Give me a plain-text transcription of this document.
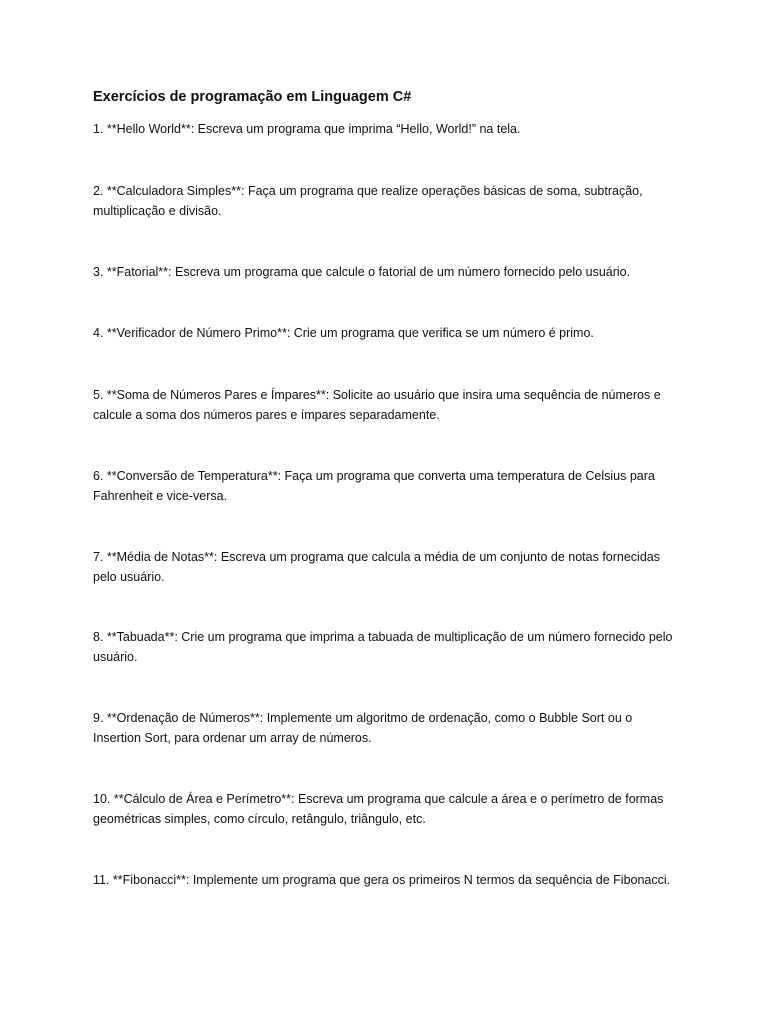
Exercícios de programação em Linguagem C#
1. **Hello World**: Escreva um programa que imprima “Hello, World!” na tela.
2. **Calculadora Simples**: Faça um programa que realize operações básicas de soma, subtração, multiplicação e divisão.
3. **Fatorial**: Escreva um programa que calcule o fatorial de um número fornecido pelo usuário.
4. **Verificador de Número Primo**: Crie um programa que verifica se um número é primo.
5. **Soma de Números Pares e Ímpares**: Solicite ao usuário que insira uma sequência de números e calcule a soma dos números pares e ímpares separadamente.
6. **Conversão de Temperatura**: Faça um programa que converta uma temperatura de Celsius para Fahrenheit e vice-versa.
7. **Média de Notas**: Escreva um programa que calcula a média de um conjunto de notas fornecidas pelo usuário.
8. **Tabuada**: Crie um programa que imprima a tabuada de multiplicação de um número fornecido pelo usuário.
9. **Ordenação de Números**: Implemente um algoritmo de ordenação, como o Bubble Sort ou o Insertion Sort, para ordenar um array de números.
10. **Cálculo de Área e Perímetro**: Escreva um programa que calcule a área e o perímetro de formas geométricas simples, como círculo, retângulo, triângulo, etc.
11. **Fibonacci**: Implemente um programa que gera os primeiros N termos da sequência de Fibonacci.
